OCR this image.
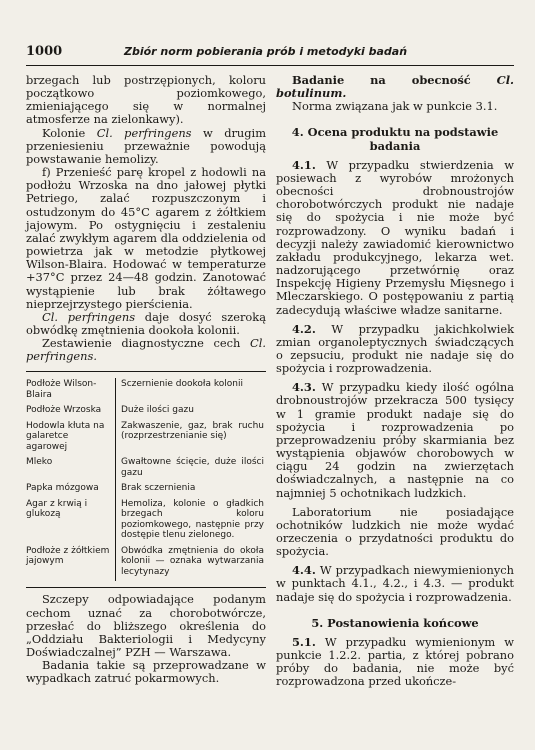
1000	Zbiór norm pobierania prób i metodyki badań

brzegach lub postrzępionych, koloru początkowo poziomkowego, zmieniającego się w normalnej atmosferze na zielonkawy).

Kolonie Cl. perfringens w drugim przeniesieniu przeważnie powodują powstawanie hemolizy.

f) Przenieść parę kropel z hodowli na podłożu Wrzoska na dno jałowej płytki Petriego, zalać rozpuszczonym i ostudzonym do 45°C agarem z żółtkiem jajowym. Po ostygnięciu i zestaleniu zalać zwykłym agarem dla oddzielenia od powietrza jak w metodzie płytkowej Wilson-Blaira. Hodować w temperaturze +37°C przez 24—48 godzin. Zanotować wystąpienie lub brak żółtawego nieprzejrzystego pierścienia.

Cl. perfringens daje dosyć szeroką obwódkę zmętnienia dookoła kolonii.

Zestawienie diagnostyczne cech Cl. perfringens.

Podłoże Wilson-Blaira	Sczernienie dookoła kolonii
Podłoże Wrzoska	Duże ilości gazu
Hodowla kłuta na galaretce agarowej	Zakwaszenie, gaz, brak ruchu (rozprzestrzenianie się)
Mleko	Gwałtowne ścięcie, duże ilości gazu
Papka mózgowa	Brak sczernienia
Agar z krwią i glukozą	Hemoliza, kolonie o gładkich brzegach koloru poziomkowego, następnie przy dostępie tlenu zielonego.
Podłoże z żółtkiem jajowym	Obwódka zmętnienia do okoła kolonii — oznaka wytwarzania lecytynazy

Szczepy odpowiadające podanym cechom uznać za chorobotwórcze, przesłać do bliższego określenia do „Oddziału Bakteriologii i Medycyny Doświadczalnej” PZH — Warszawa.

Badania takie są przeprowadzane w wypadkach zatruć pokarmowych.

Badanie na obecność Cl. botulinum.

Norma związana jak w punkcie 3.1.

4. Ocena produktu na podstawie badania

4.1. W przypadku stwierdzenia w posiewach z wyrobów mrożonych obecności drobnoustrojów chorobotwórczych produkt nie nadaje się do spożycia i nie może być rozprowadzony. O wyniku badań i decyzji należy zawiadomić kierownictwo zakładu produkcyjnego, lekarza wet. nadzorującego przetwórnię oraz Inspekcję Higieny Przemysłu Mięsnego i Mleczarskiego. O postępowaniu z partią zadecydują właściwe władze sanitarne.

4.2. W przypadku jakichkolwiek zmian organoleptycznych świadczących o zepsuciu, produkt nie nadaje się do spożycia i rozprowadzenia.

4.3. W przypadku kiedy ilość ogólna drobnoustrojów przekracza 500 tysięcy w 1 gramie produkt nadaje się do spożycia i rozprowadzenia po przeprowadzeniu próby skarmiania bez wystąpienia objawów chorobowych w ciągu 24 godzin na zwierzętach doświadczalnych, a następnie na co najmniej 5 ochotnikach ludzkich.

Laboratorium nie posiadające ochotników ludzkich nie może wydać orzeczenia o przydatności produktu do spożycia.

4.4. W przypadkach niewymienionych w punktach 4.1., 4.2., i 4.3. — produkt nadaje się do spożycia i rozprowadzenia.

5. Postanowienia końcowe

5.1. W przypadku wymienionym w punkcie 1.2.2. partia, z której pobrano próby do badania, nie może być rozprowadzona przed ukończe-
